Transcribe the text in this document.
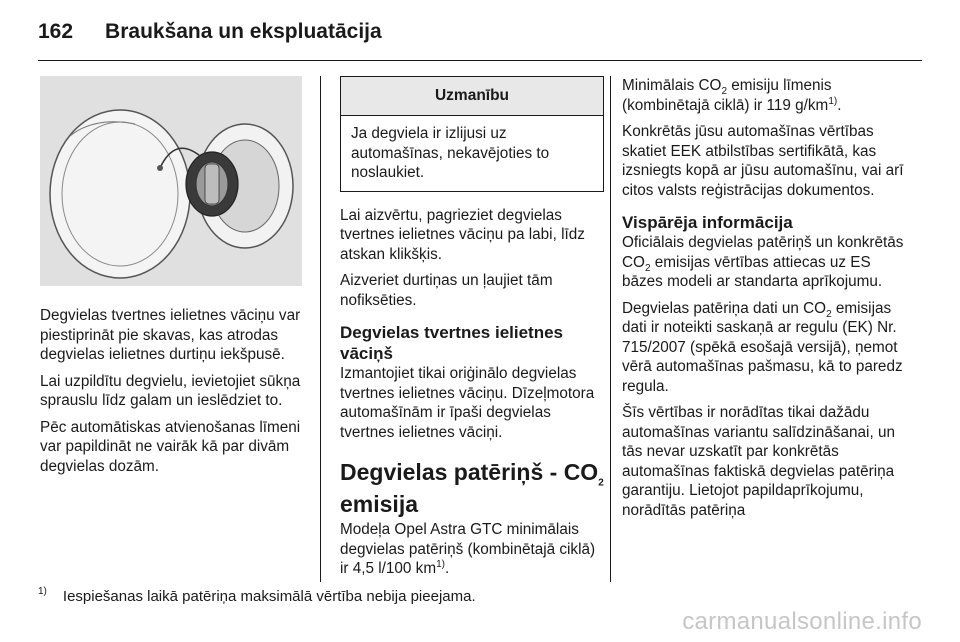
162 Braukšana un ekspluatācija

Degvielas tvertnes ielietnes vāciņu var piestiprināt pie skavas, kas atrodas degvielas ielietnes durtiņu iekšpusē.

Lai uzpildītu degvielu, ievietojiet sūkņa sprauslu līdz galam un ieslēdziet to.

Pēc automātiskas atvienošanas līmeni var papildināt ne vairāk kā par divām degvielas dozām.

Uzmanību
Ja degviela ir izlijusi uz automašīnas, nekavējoties to noslaukiet.

Lai aizvērtu, pagrieziet degvielas tvertnes ielietnes vāciņu pa labi, līdz atskan klikšķis.

Aizveriet durtiņas un ļaujiet tām nofiksēties.

Degvielas tvertnes ielietnes vāciņš

Izmantojiet tikai oriģinālo degvielas tvertnes ielietnes vāciņu. Dīzeļmotora automašīnām ir īpaši degvielas tvertnes ielietnes vāciņi.

Degvielas patēriņš - $CO_2$
emisija

Modeļa Opel Astra GTC minimālais degvielas patēriņš (kombinētajā ciklā) ir 4,5 l/100 $km^{1)}$.

Minimālais $CO_2$ emisiju līmenis (kombinētajā ciklā) ir 119 $g/km^{1)}$.

Konkrētās jūsu automašīnas vērtības skatiet EEK atbilstības sertifikātā, kas izsniegts kopā ar jūsu automašīnu, vai arī citos valsts reģistrācijas dokumentos.

Vispārēja informācija

Oficiālais degvielas patēriņš un konkrētās $CO_2$ emisijas vērtības attiecas uz ES bāzes modeli ar standarta aprīkojumu.

Degvielas patēriņa dati un $CO_2$ emisijas dati ir noteikti saskaņā ar regulu (EK) Nr. 715/2007 (spēkā esošajā versijā), ņemot vērā automašīnas pašmasu, kā to paredz regula.

Šīs vērtības ir norādītas tikai dažādu automašīnas variantu salīdzināšanai, un tās nevar uzskatīt par konkrētās automašīnas faktiskā degvielas patēriņa garantiju. Lietojot papildaprīkojumu, norādītās patēriņa

1) Iespiešanas laikā patēriņa maksimālā vērtība nebija pieejama.
carmanualsonline.info
